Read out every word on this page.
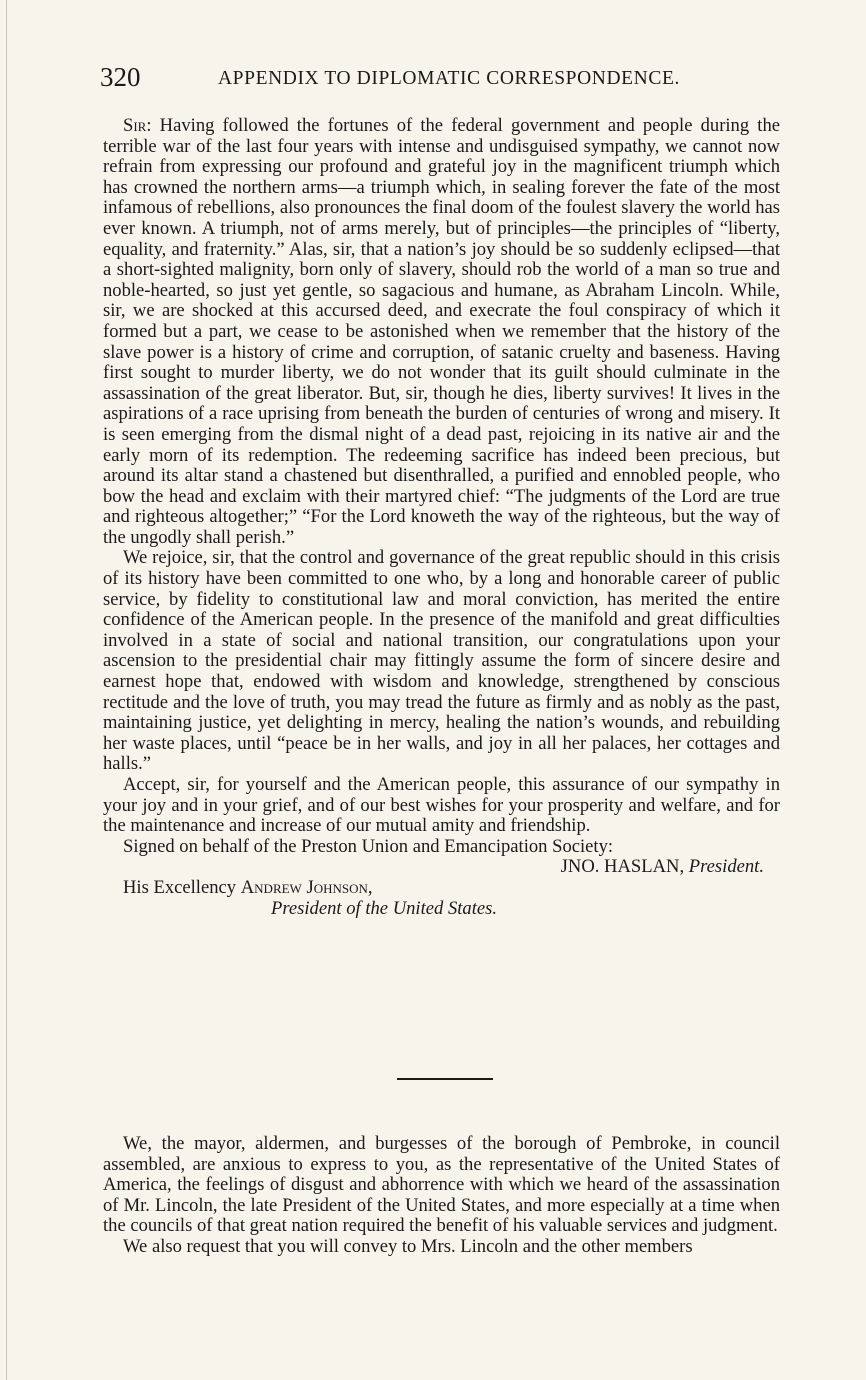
320	APPENDIX TO DIPLOMATIC CORRESPONDENCE.

Sir: Having followed the fortunes of the federal government and people during the terrible war of the last four years with intense and undisguised sympathy, we cannot now refrain from expressing our profound and grateful joy in the magnificent triumph which has crowned the northern arms—a triumph which, in sealing forever the fate of the most infamous of rebellions, also pronounces the final doom of the foulest slavery the world has ever known. A triumph, not of arms merely, but of principles—the principles of “liberty, equality, and fraternity.” Alas, sir, that a nation’s joy should be so suddenly eclipsed—that a short-sighted malignity, born only of slavery, should rob the world of a man so true and noble-hearted, so just yet gentle, so sagacious and humane, as Abraham Lincoln. While, sir, we are shocked at this accursed deed, and execrate the foul conspiracy of which it formed but a part, we cease to be astonished when we remember that the history of the slave power is a history of crime and corruption, of satanic cruelty and baseness. Having first sought to murder liberty, we do not wonder that its guilt should culminate in the assassination of the great liberator. But, sir, though he dies, liberty survives! It lives in the aspirations of a race uprising from beneath the burden of centuries of wrong and misery. It is seen emerging from the dismal night of a dead past, rejoicing in its native air and the early morn of its redemption. The redeeming sacrifice has indeed been precious, but around its altar stand a chastened but disenthralled, a purified and ennobled people, who bow the head and exclaim with their martyred chief: “The judgments of the Lord are true and righteous altogether;” “For the Lord knoweth the way of the righteous, but the way of the ungodly shall perish.”

We rejoice, sir, that the control and governance of the great republic should in this crisis of its history have been committed to one who, by a long and honorable career of public service, by fidelity to constitutional law and moral conviction, has merited the entire confidence of the American people. In the presence of the manifold and great difficulties involved in a state of social and national transition, our congratulations upon your ascension to the presidential chair may fittingly assume the form of sincere desire and earnest hope that, endowed with wisdom and knowledge, strengthened by conscious rectitude and the love of truth, you may tread the future as firmly and as nobly as the past, maintaining justice, yet delighting in mercy, healing the nation’s wounds, and rebuilding her waste places, until “peace be in her walls, and joy in all her palaces, her cottages and halls.”

Accept, sir, for yourself and the American people, this assurance of our sympathy in your joy and in your grief, and of our best wishes for your prosperity and welfare, and for the maintenance and increase of our mutual amity and friendship.

Signed on behalf of the Preston Union and Emancipation Society:

JNO. HASLAN, President.

His Excellency Andrew Johnson,

President of the United States.

We, the mayor, aldermen, and burgesses of the borough of Pembroke, in council assembled, are anxious to express to you, as the representative of the United States of America, the feelings of disgust and abhorrence with which we heard of the assassination of Mr. Lincoln, the late President of the United States, and more especially at a time when the councils of that great nation required the benefit of his valuable services and judgment.

We also request that you will convey to Mrs. Lincoln and the other members
